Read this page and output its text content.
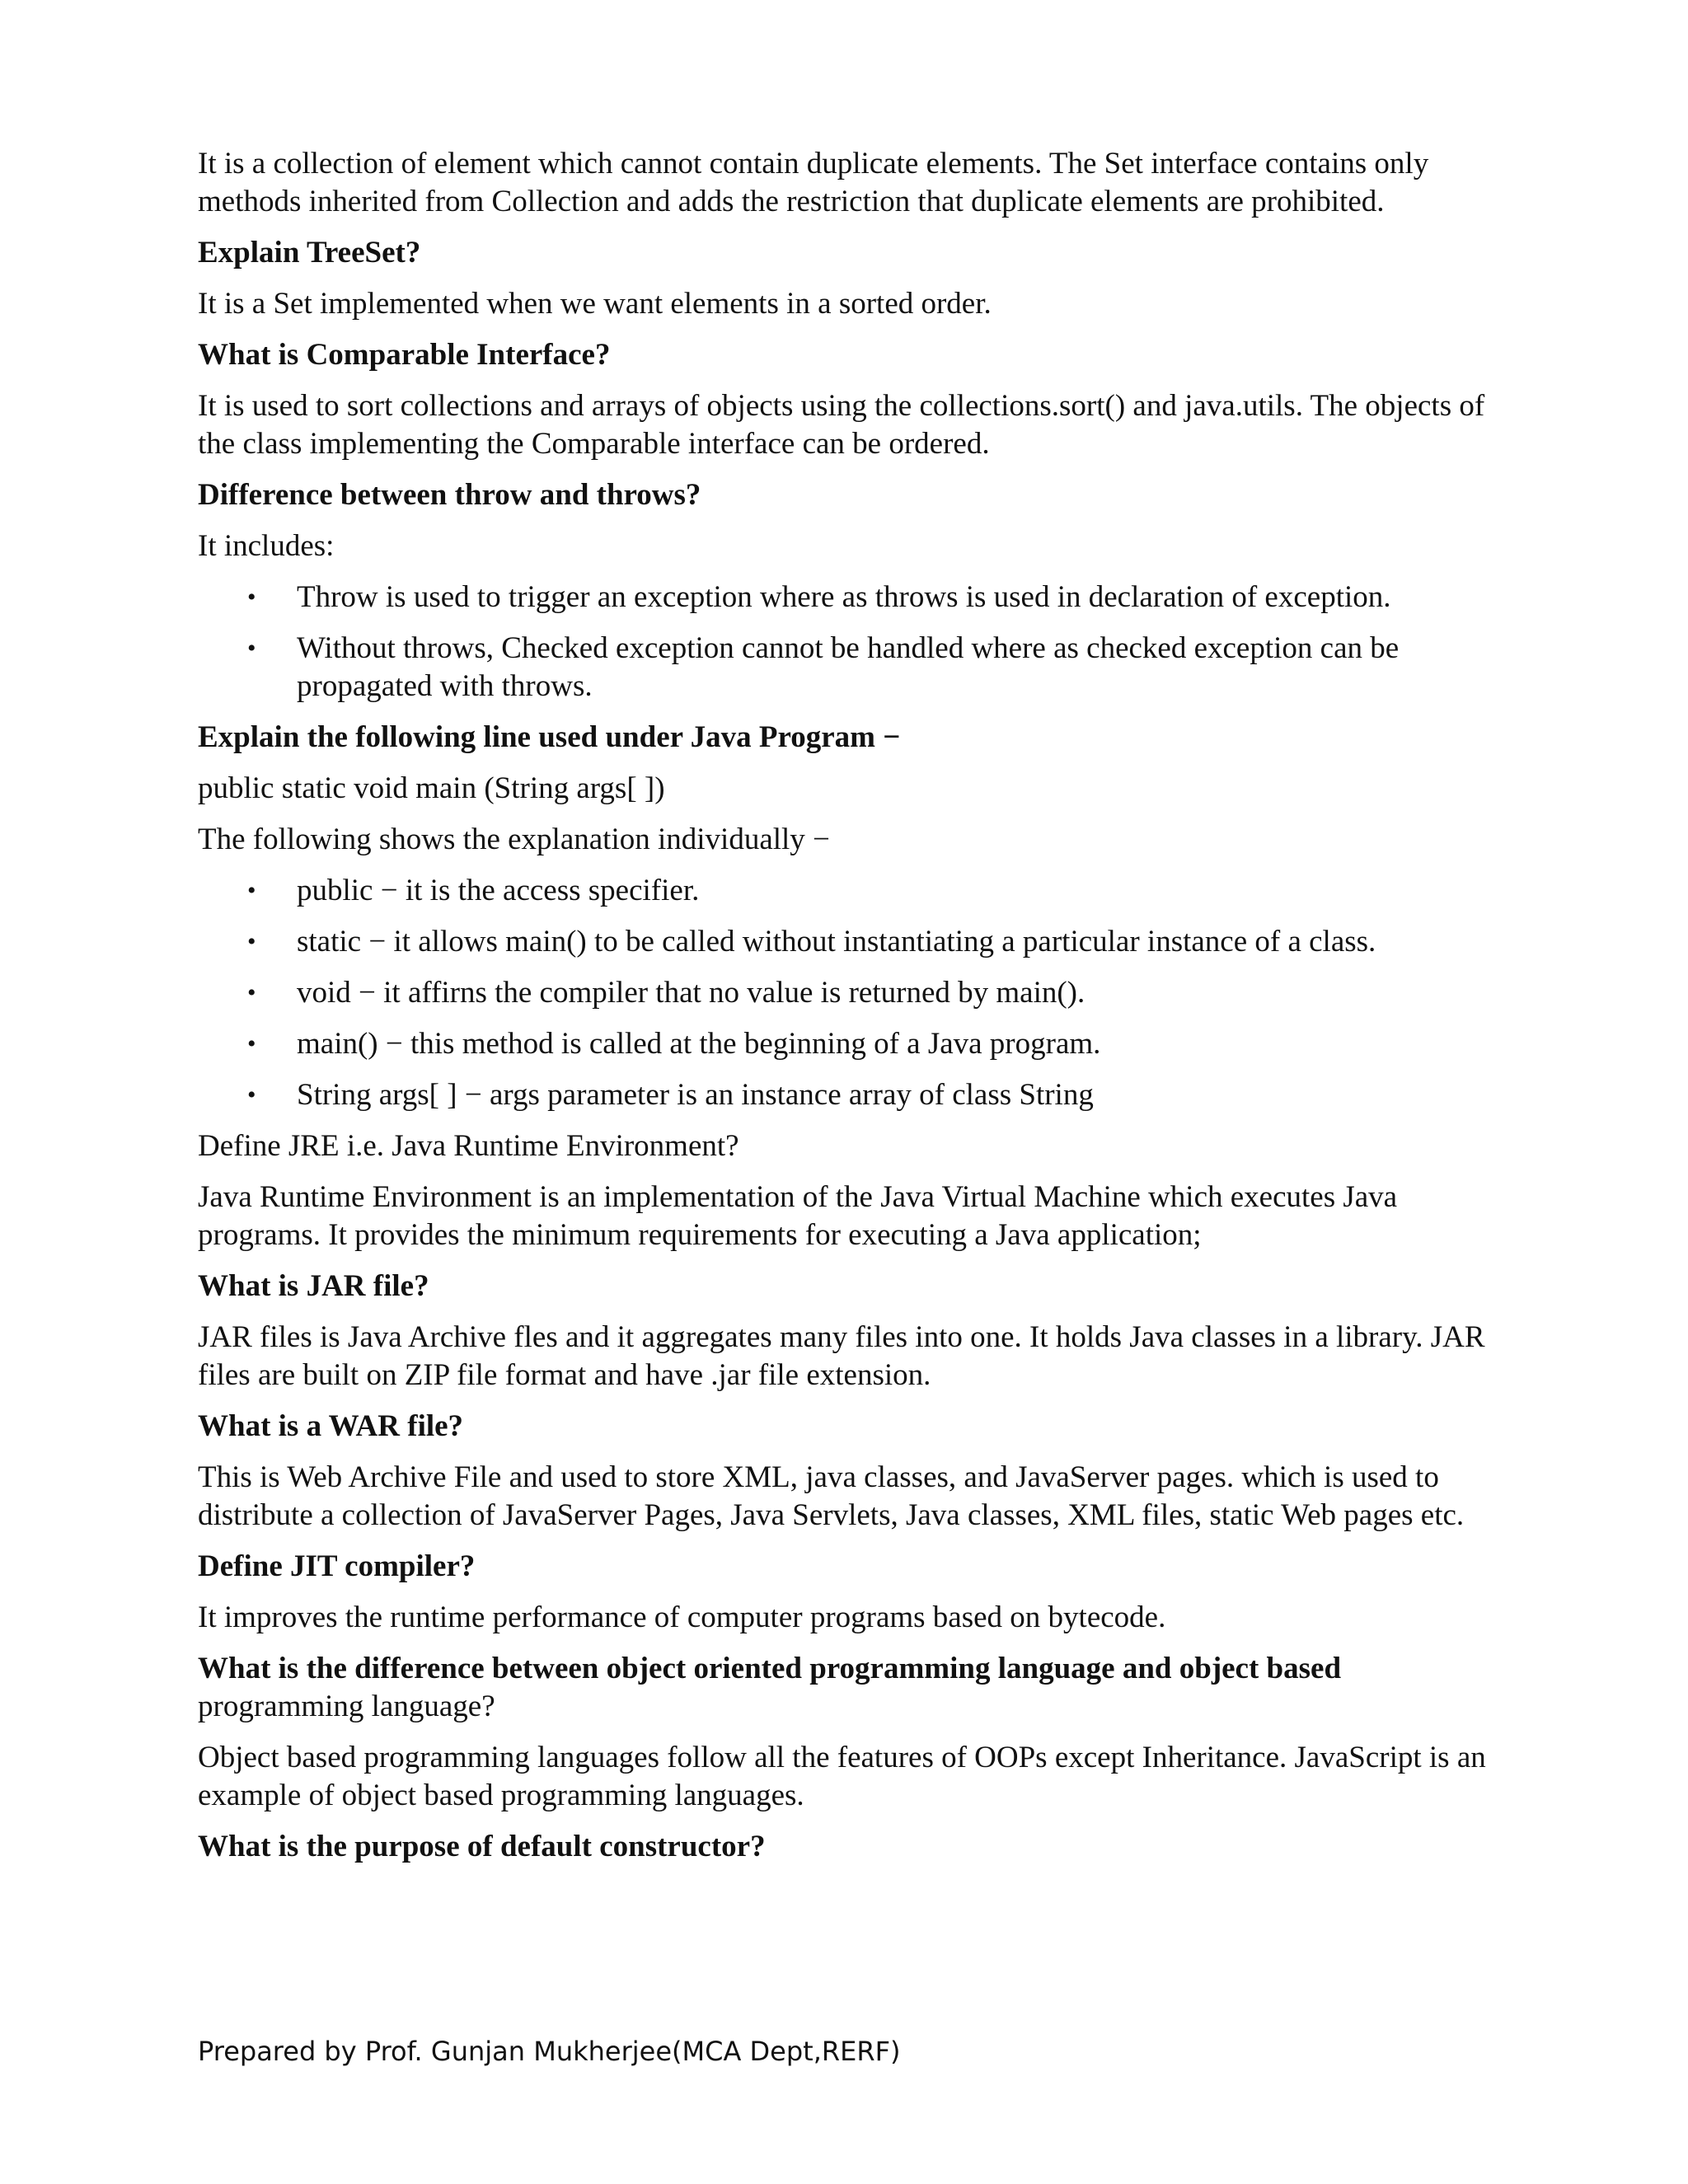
It is a collection of element which cannot contain duplicate elements. The Set interface contains only methods inherited from Collection and adds the restriction that duplicate elements are prohibited.

Explain TreeSet?

It is a Set implemented when we want elements in a sorted order.

What is Comparable Interface?

It is used to sort collections and arrays of objects using the collections.sort() and java.utils. The objects of the class implementing the Comparable interface can be ordered.

Difference between throw and throws?

It includes:

• Throw is used to trigger an exception where as throws is used in declaration of exception.
• Without throws, Checked exception cannot be handled where as checked exception can be propagated with throws.

Explain the following line used under Java Program −

public static void main (String args[ ])

The following shows the explanation individually −

• public − it is the access specifier.
• static − it allows main() to be called without instantiating a particular instance of a class.
• void − it affirns the compiler that no value is returned by main().
• main() − this method is called at the beginning of a Java program.
• String args[ ] − args parameter is an instance array of class String

Define JRE i.e. Java Runtime Environment?

Java Runtime Environment is an implementation of the Java Virtual Machine which executes Java programs. It provides the minimum requirements for executing a Java application;

What is JAR file?

JAR files is Java Archive fles and it aggregates many files into one. It holds Java classes in a library. JAR files are built on ZIP file format and have .jar file extension.

What is a WAR file?

This is Web Archive File and used to store XML, java classes, and JavaServer pages. which is used to distribute a collection of JavaServer Pages, Java Servlets, Java classes, XML files, static Web pages etc.

Define JIT compiler?

It improves the runtime performance of computer programs based on bytecode.

What is the difference between object oriented programming language and object based programming language?

Object based programming languages follow all the features of OOPs except Inheritance. JavaScript is an example of object based programming languages.

What is the purpose of default constructor?

Prepared by Prof. Gunjan Mukherjee(MCA Dept,RERF)
